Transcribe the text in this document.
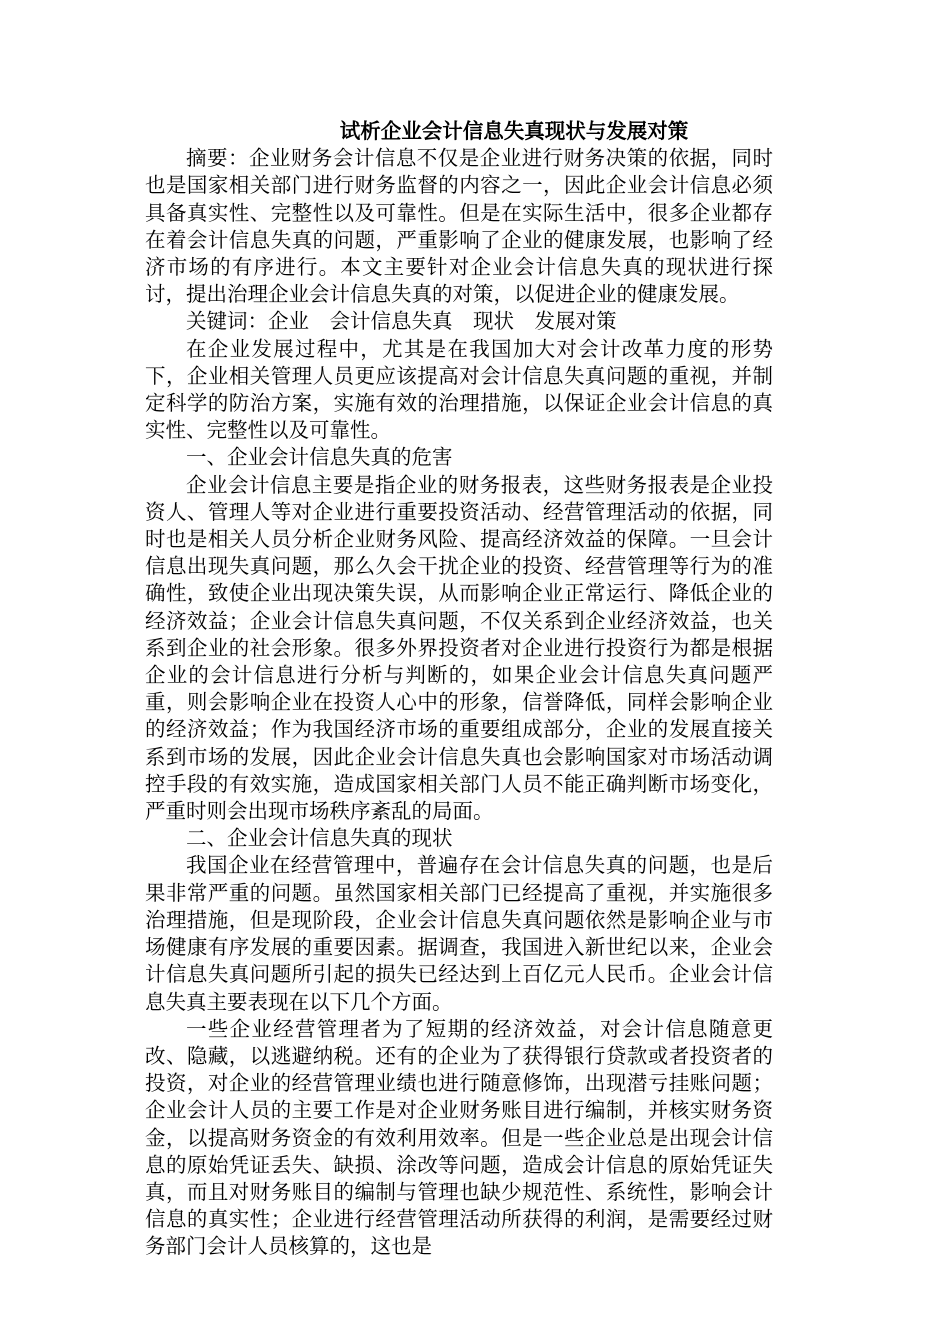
试析企业会计信息失真现状与发展对策

摘要：企业财务会计信息不仅是企业进行财务决策的依据，同时也是国家相关部门进行财务监督的内容之一，因此企业会计信息必须具备真实性、完整性以及可靠性。但是在实际生活中，很多企业都存在着会计信息失真的问题，严重影响了企业的健康发展，也影响了经济市场的有序进行。本文主要针对企业会计信息失真的现状进行探讨，提出治理企业会计信息失真的对策，以促进企业的健康发展。

关键词：企业　会计信息失真　现状　发展对策

在企业发展过程中，尤其是在我国加大对会计改革力度的形势下，企业相关管理人员更应该提高对会计信息失真问题的重视，并制定科学的防治方案，实施有效的治理措施，以保证企业会计信息的真实性、完整性以及可靠性。

一、企业会计信息失真的危害

企业会计信息主要是指企业的财务报表，这些财务报表是企业投资人、管理人等对企业进行重要投资活动、经营管理活动的依据，同时也是相关人员分析企业财务风险、提高经济效益的保障。一旦会计信息出现失真问题，那么久会干扰企业的投资、经营管理等行为的准确性，致使企业出现决策失误，从而影响企业正常运行、降低企业的经济效益；企业会计信息失真问题，不仅关系到企业经济效益，也关系到企业的社会形象。很多外界投资者对企业进行投资行为都是根据企业的会计信息进行分析与判断的，如果企业会计信息失真问题严重，则会影响企业在投资人心中的形象，信誉降低，同样会影响企业的经济效益；作为我国经济市场的重要组成部分，企业的发展直接关系到市场的发展，因此企业会计信息失真也会影响国家对市场活动调控手段的有效实施，造成国家相关部门人员不能正确判断市场变化，严重时则会出现市场秩序紊乱的局面。

二、企业会计信息失真的现状

我国企业在经营管理中，普遍存在会计信息失真的问题，也是后果非常严重的问题。虽然国家相关部门已经提高了重视，并实施很多治理措施，但是现阶段，企业会计信息失真问题依然是影响企业与市场健康有序发展的重要因素。据调查，我国进入新世纪以来，企业会计信息失真问题所引起的损失已经达到上百亿元人民币。企业会计信息失真主要表现在以下几个方面。

一些企业经营管理者为了短期的经济效益，对会计信息随意更改、隐藏，以逃避纳税。还有的企业为了获得银行贷款或者投资者的投资，对企业的经营管理业绩也进行随意修饰，出现潜亏挂账问题；企业会计人员的主要工作是对企业财务账目进行编制，并核实财务资金，以提高财务资金的有效利用效率。但是一些企业总是出现会计信息的原始凭证丢失、缺损、涂改等问题，造成会计信息的原始凭证失真，而且对财务账目的编制与管理也缺少规范性、系统性，影响会计信息的真实性；企业进行经营管理活动所获得的利润，是需要经过财务部门会计人员核算的，这也是
